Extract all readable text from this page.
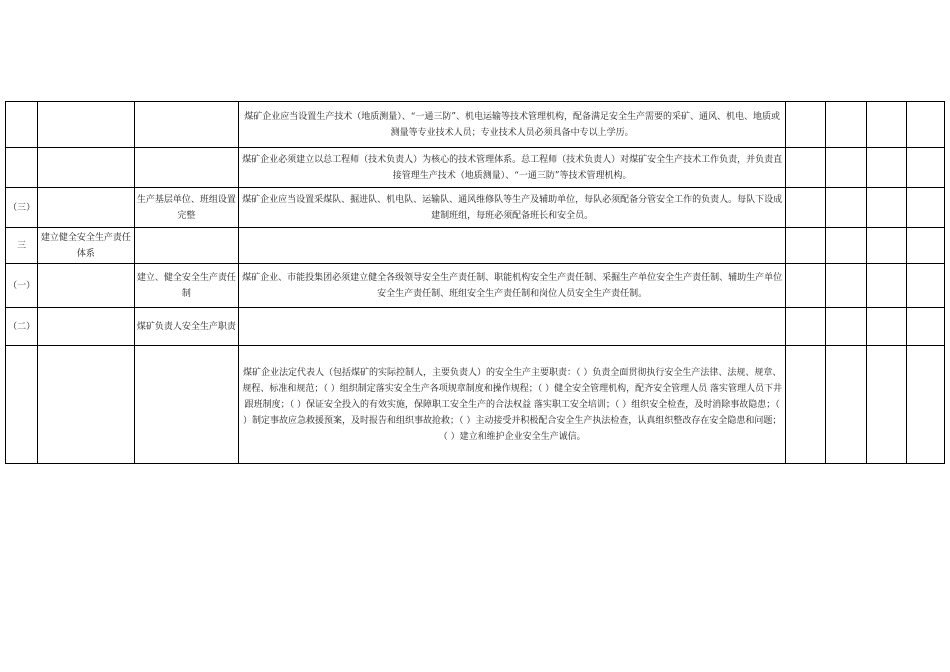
			煤矿企业应当设置生产技术（地质测量）、“一通三防”、机电运输等技术管理机构，配备满足安全生产需要的采矿、通风、机电、地质或测量等专业技术人员；专业技术人员必须具备中专以上学历。				
			煤矿企业必须建立以总工程师（技术负责人）为核心的技术管理体系。总工程师（技术负责人）对煤矿安全生产技术工作负责，并负责直接管理生产技术（地质测量）、“一通三防”等技术管理机构。				
（三）		生产基层单位、班组设置完整	煤矿企业应当设置采煤队、掘进队、机电队、运输队、通风维修队等生产及辅助单位，每队必须配备分管安全工作的负责人。每队下设成建制班组，每班必须配备班长和安全员。				
三	建立健全安全生产责任体系						
（一）		建立、健全安全生产责任制	煤矿企业、市能投集团必须建立健全各级领导安全生产责任制、职能机构安全生产责任制、采掘生产单位安全生产责任制、辅助生产单位安全生产责任制、班组安全生产责任制和岗位人员安全生产责任制。				
（二）		煤矿负责人安全生产职责					
			煤矿企业法定代表人（包括煤矿的实际控制人，主要负责人）的安全生产主要职责：（ ）负责全面贯彻执行安全生产法律、法规、规章、规程、标准和规范；（ ）组织制定落实安全生产各项规章制度和操作规程；（ ）健全安全管理机构，配齐安全管理人员 落实管理人员下井跟班制度；（ ）保证安全投入的有效实施，保障职工安全生产的合法权益 落实职工安全培训；（ ）组织安全检查，及时消除事故隐患；（ ）制定事故应急救援预案，及时报告和组织事故抢救；（ ）主动接受并积极配合安全生产执法检查，认真组织整改存在安全隐患和问题；（ ）建立和维护企业安全生产诚信。				
